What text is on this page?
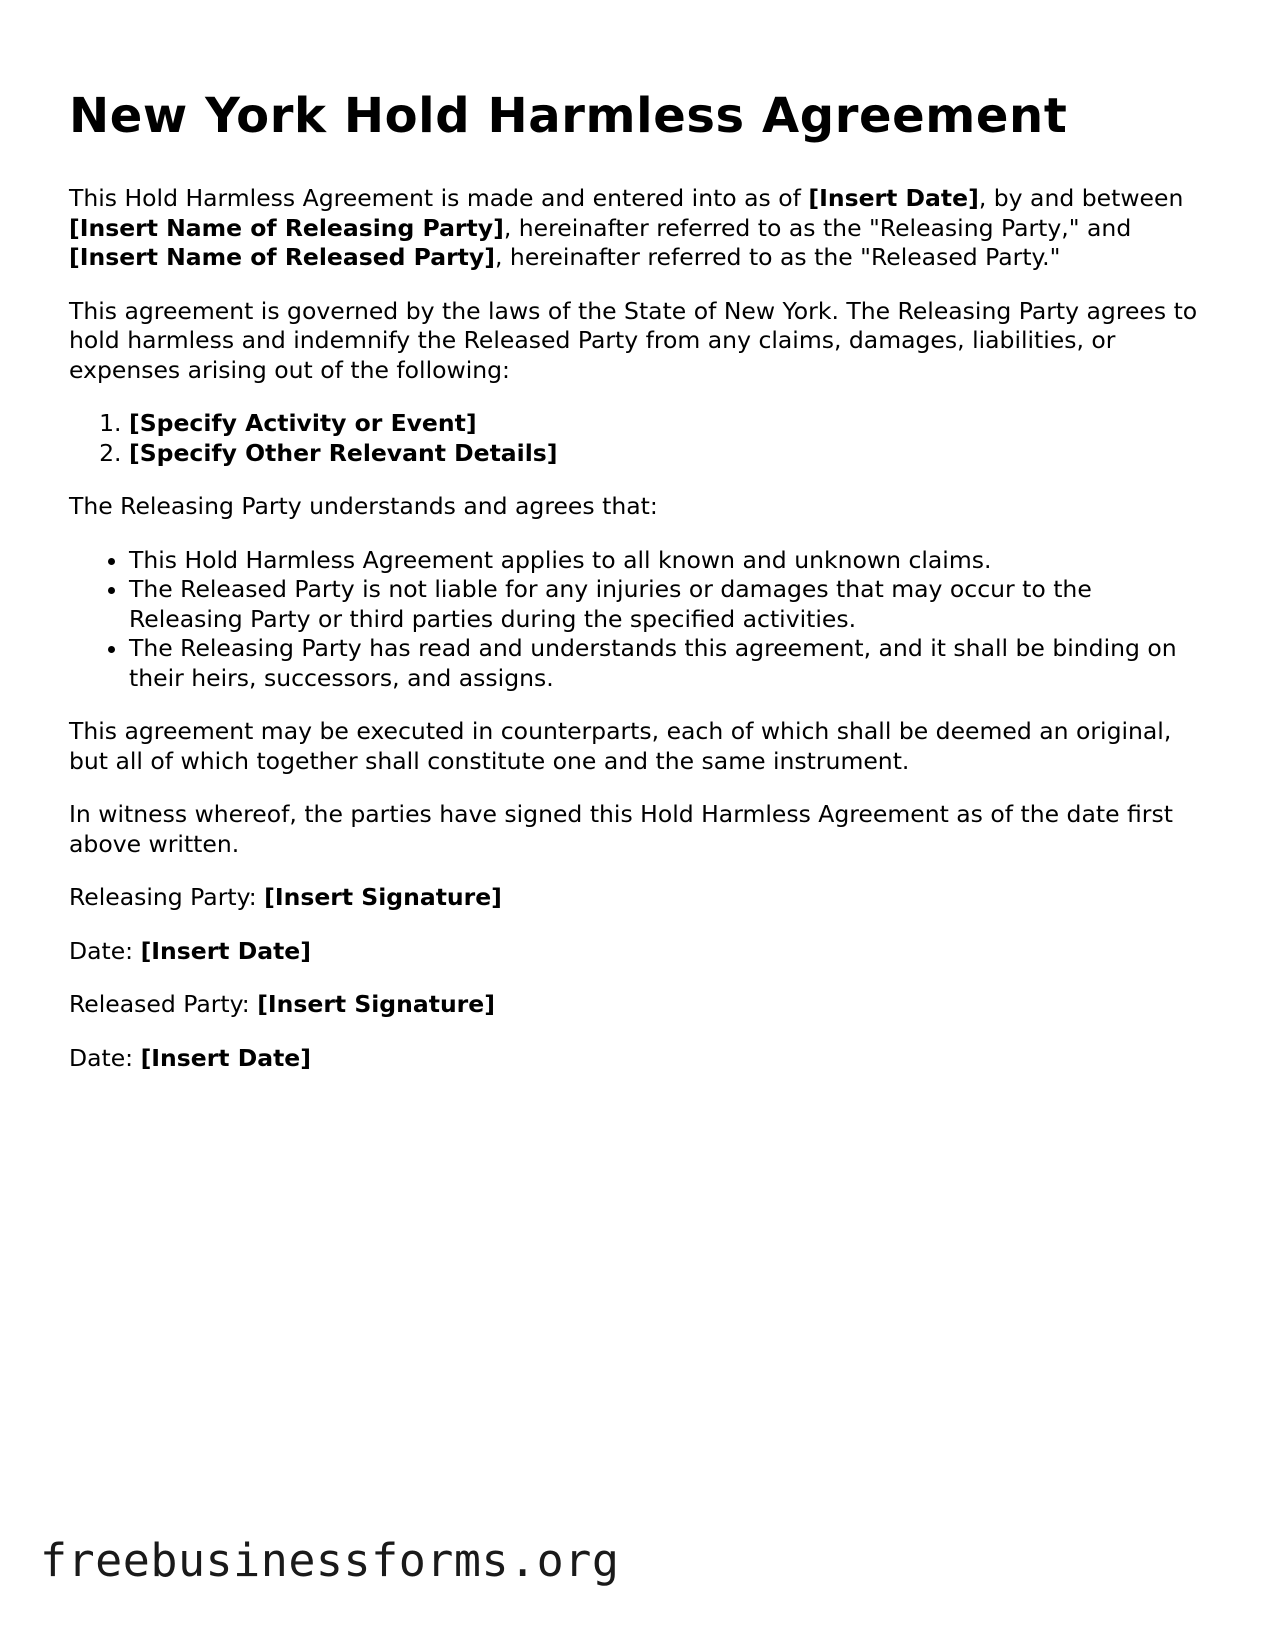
New York Hold Harmless Agreement

This Hold Harmless Agreement is made and entered into as of [Insert Date], by and between [Insert Name of Releasing Party], hereinafter referred to as the "Releasing Party," and [Insert Name of Released Party], hereinafter referred to as the "Released Party."

This agreement is governed by the laws of the State of New York. The Releasing Party agrees to hold harmless and indemnify the Released Party from any claims, damages, liabilities, or expenses arising out of the following:

1. [Specify Activity or Event]
2. [Specify Other Relevant Details]

The Releasing Party understands and agrees that:

• This Hold Harmless Agreement applies to all known and unknown claims.
• The Released Party is not liable for any injuries or damages that may occur to the Releasing Party or third parties during the specified activities.
• The Releasing Party has read and understands this agreement, and it shall be binding on their heirs, successors, and assigns.

This agreement may be executed in counterparts, each of which shall be deemed an original, but all of which together shall constitute one and the same instrument.

In witness whereof, the parties have signed this Hold Harmless Agreement as of the date first above written.

Releasing Party: [Insert Signature]

Date: [Insert Date]

Released Party: [Insert Signature]

Date: [Insert Date]

freebusinessforms.org
